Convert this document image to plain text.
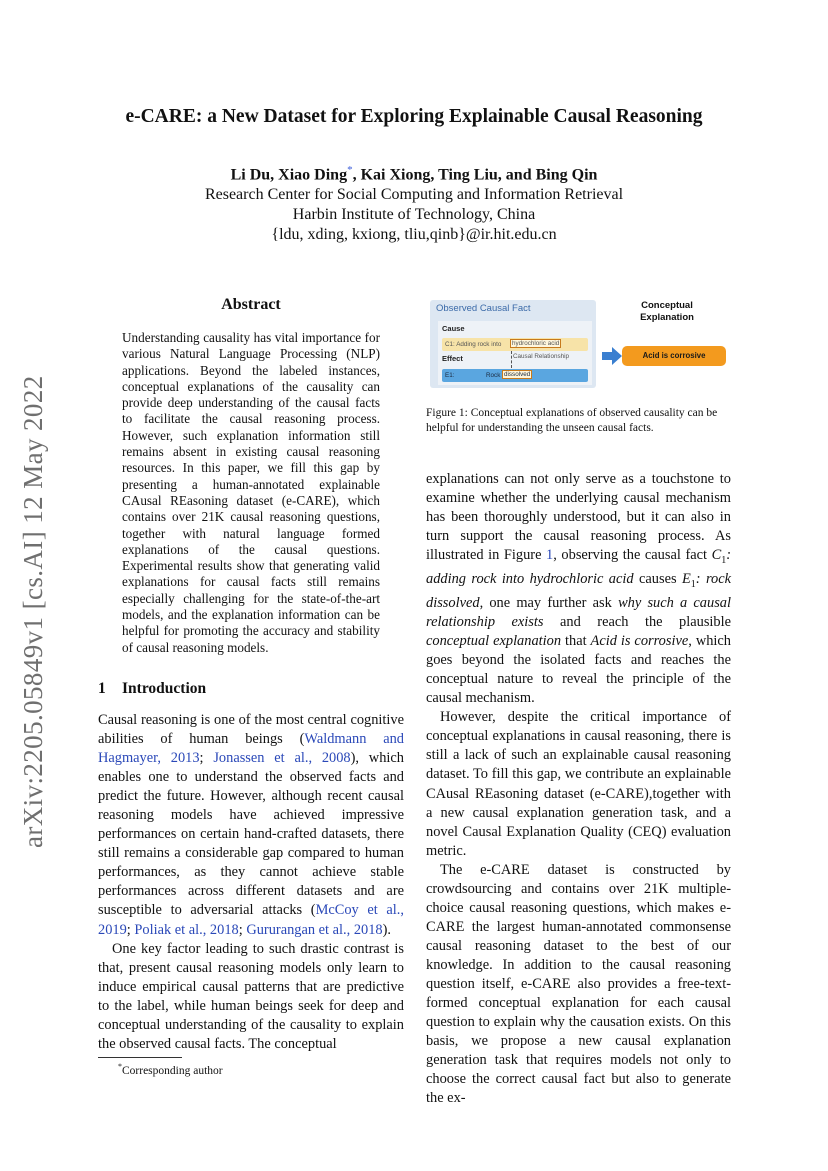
arXiv:2205.05849v1 [cs.AI] 12 May 2022
e-CARE: a New Dataset for Exploring Explainable Causal Reasoning
Li Du, Xiao Ding*, Kai Xiong, Ting Liu, and Bing Qin
Research Center for Social Computing and Information Retrieval
Harbin Institute of Technology, China
{ldu, xding, kxiong, tliu,qinb}@ir.hit.edu.cn
Abstract
Understanding causality has vital importance for various Natural Language Processing (NLP) applications. Beyond the labeled instances, conceptual explanations of the causality can provide deep understanding of the causal facts to facilitate the causal reasoning process. However, such explanation information still remains absent in existing causal reasoning resources. In this paper, we fill this gap by presenting a human-annotated explainable CAusal REasoning dataset (e-CARE), which contains over 21K causal reasoning questions, together with natural language formed explanations of the causal questions. Experimental results show that generating valid explanations for causal facts still remains especially challenging for the state-of-the-art models, and the explanation information can be helpful for promoting the accuracy and stability of causal reasoning models.
1 Introduction

Causal reasoning is one of the most central cognitive abilities of human beings (Waldmann and Hagmayer, 2013; Jonassen et al., 2008), which enables one to understand the observed facts and predict the future. However, although recent causal reasoning models have achieved impressive performances on certain hand-crafted datasets, there still remains a considerable gap compared to human performances, as they cannot achieve stable performances across different datasets and are susceptible to adversarial attacks (McCoy et al., 2019; Poliak et al., 2018; Gururangan et al., 2018).

One key factor leading to such drastic contrast is that, present causal reasoning models only learn to induce empirical causal patterns that are predictive to the label, while human beings seek for deep and conceptual understanding of the causality to explain the observed causal facts. The conceptual

*Corresponding author
Observed Causal Fact
Cause
C1: Adding rock into	hydrochloric acid
Effect	Causal Relationship
E1:	Rock dissolved
Conceptual Explanation
Acid is corrosive
Figure 1: Conceptual explanations of observed causality can be helpful for understanding the unseen causal facts.

explanations can not only serve as a touchstone to examine whether the underlying causal mechanism has been thoroughly understood, but it can also in turn support the causal reasoning process. As illustrated in Figure 1, observing the causal fact $C_1$: adding rock into hydrochloric acid causes $E_1$: rock dissolved, one may further ask why such a causal relationship exists and reach the plausible conceptual explanation that Acid is corrosive, which goes beyond the isolated facts and reaches the conceptual nature to reveal the principle of the causal mechanism.

However, despite the critical importance of conceptual explanations in causal reasoning, there is still a lack of such an explainable causal reasoning dataset. To fill this gap, we contribute an explainable CAusal REasoning dataset (e-CARE),together with a new causal explanation generation task, and a novel Causal Explanation Quality (CEQ) evaluation metric.

The e-CARE dataset is constructed by crowdsourcing and contains over 21K multiple-choice causal reasoning questions, which makes e-CARE the largest human-annotated commonsense causal reasoning dataset to the best of our knowledge. In addition to the causal reasoning question itself, e-CARE also provides a free-text-formed conceptual explanation for each causal question to explain why the causation exists. On this basis, we propose a new causal explanation generation task that requires models not only to choose the correct causal fact but also to generate the ex-
